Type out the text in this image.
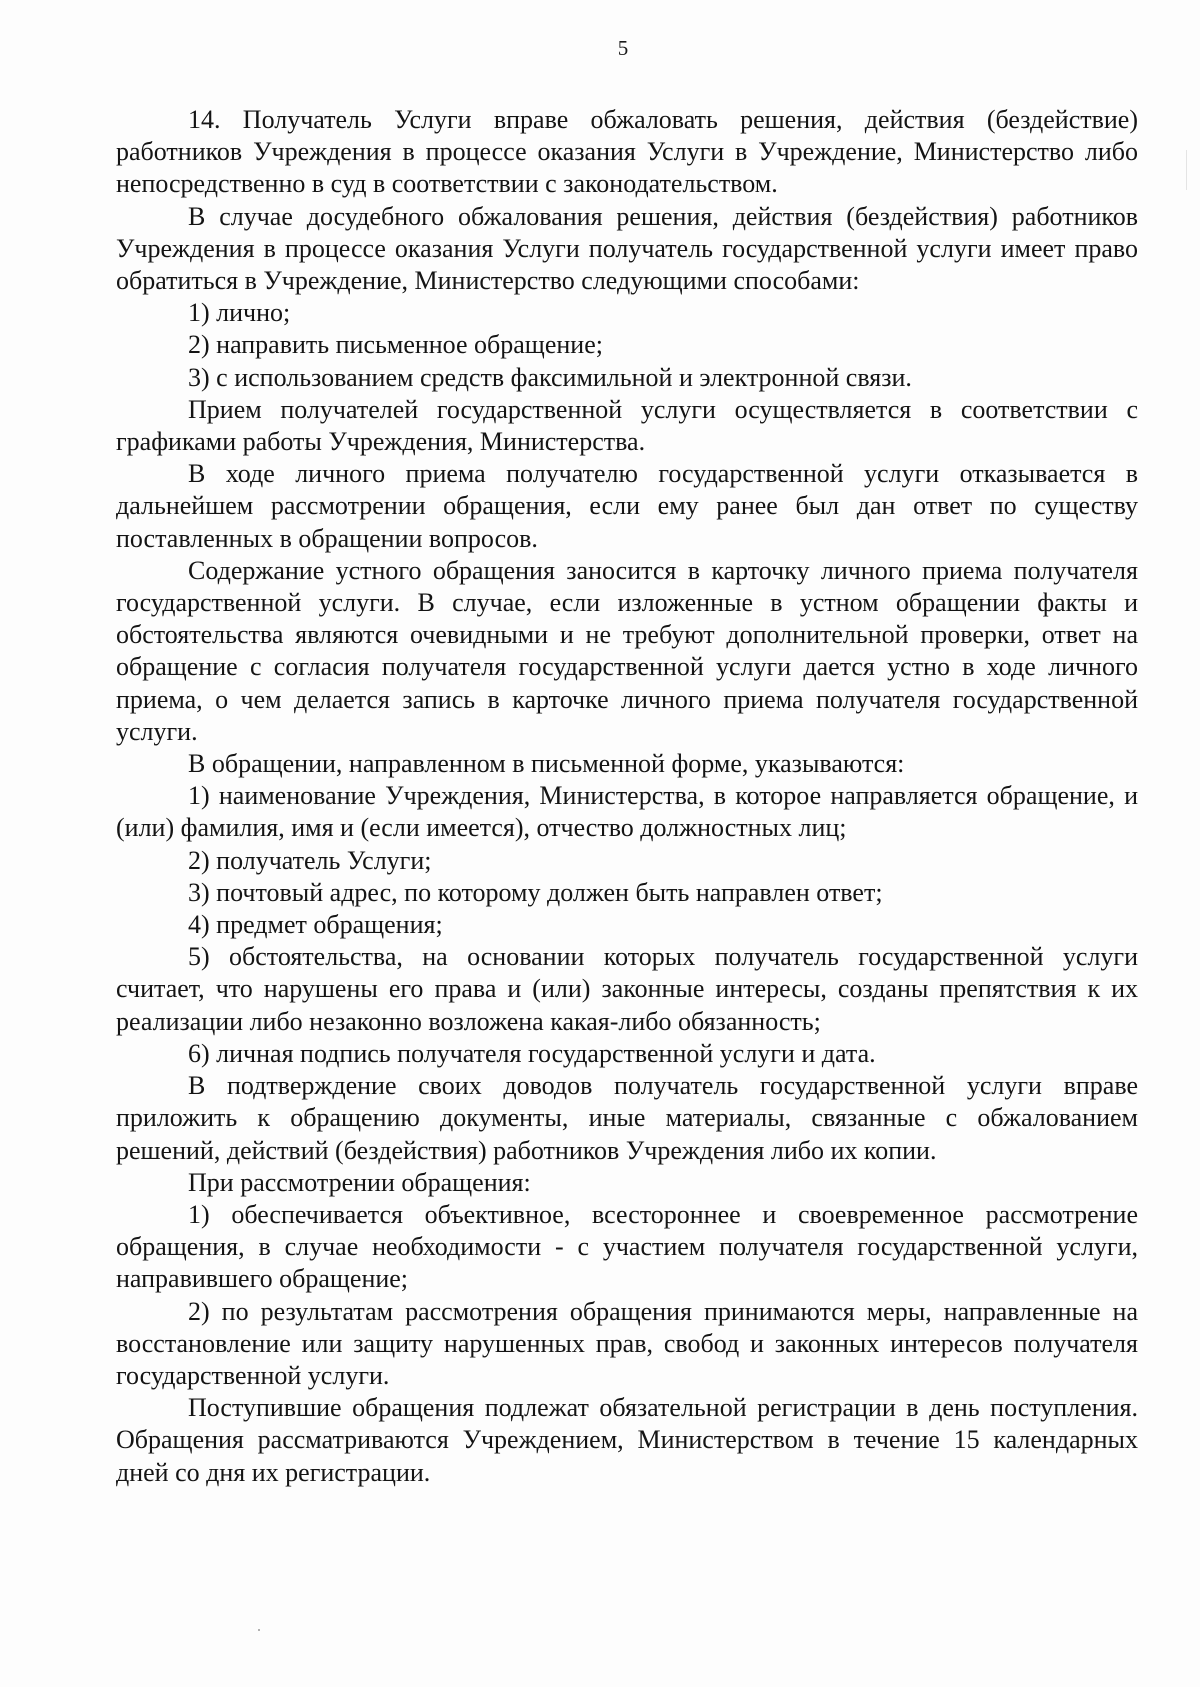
5

14. Получатель Услуги вправе обжаловать решения, действия (бездействие) работников Учреждения в процессе оказания Услуги в Учреждение, Министерство либо непосредственно в суд в соответствии с законодательством.

В случае досудебного обжалования решения, действия (бездействия) работников Учреждения в процессе оказания Услуги получатель государственной услуги имеет право обратиться в Учреждение, Министерство следующими способами:

1) лично;

2) направить письменное обращение;

3) с использованием средств факсимильной и электронной связи.

Прием получателей государственной услуги осуществляется в соответствии с графиками работы Учреждения, Министерства.

В ходе личного приема получателю государственной услуги отказывается в дальнейшем рассмотрении обращения, если ему ранее был дан ответ по существу поставленных в обращении вопросов.

Содержание устного обращения заносится в карточку личного приема получателя государственной услуги. В случае, если изложенные в устном обращении факты и обстоятельства являются очевидными и не требуют дополнительной проверки, ответ на обращение с согласия получателя государственной услуги дается устно в ходе личного приема, о чем делается запись в карточке личного приема получателя государственной услуги.

В обращении, направленном в письменной форме, указываются:

1) наименование Учреждения, Министерства, в которое направляется обращение, и (или) фамилия, имя и (если имеется), отчество должностных лиц;

2) получатель Услуги;

3) почтовый адрес, по которому должен быть направлен ответ;

4) предмет обращения;

5) обстоятельства, на основании которых получатель государственной услуги считает, что нарушены его права и (или) законные интересы, созданы препятствия к их реализации либо незаконно возложена какая-либо обязанность;

6) личная подпись получателя государственной услуги и дата.

В подтверждение своих доводов получатель государственной услуги вправе приложить к обращению документы, иные материалы, связанные с обжалованием решений, действий (бездействия) работников Учреждения либо их копии.

При рассмотрении обращения:

1) обеспечивается объективное, всестороннее и своевременное рассмотрение обращения, в случае необходимости - с участием получателя государственной услуги, направившего обращение;

2) по результатам рассмотрения обращения принимаются меры, направленные на восстановление или защиту нарушенных прав, свобод и законных интересов получателя государственной услуги.

Поступившие обращения подлежат обязательной регистрации в день поступления. Обращения рассматриваются Учреждением, Министерством в течение 15 календарных дней со дня их регистрации.
